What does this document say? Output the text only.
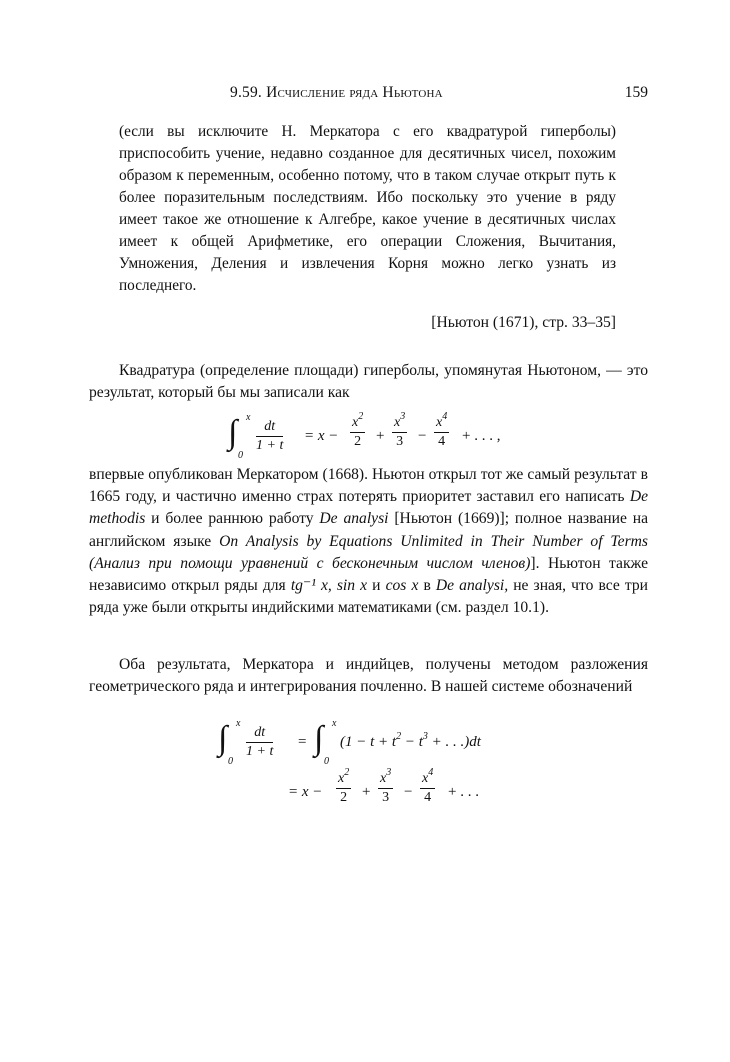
9.59. Исчисление ряда Ньютона	159
(если вы исключите Н. Меркатора с его квадратурой гиперболы) приспособить учение, недавно созданное для десятичных чисел, похожим образом к переменным, особенно потому, что в таком случае открыт путь к более поразительным последствиям. Ибо поскольку это учение в ряду имеет такое же отношение к Алгебре, какое учение в десятичных числах имеет к общей Арифметике, его операции Сложения, Вычитания, Умножения, Деления и извлечения Корня можно легко узнать из последнего.
[Ньютон (1671), стр. 33–35]
Квадратура (определение площади) гиперболы, упомянутая Ньютоном, — это результат, который бы мы записали как
∫ x
0
$\frac{dt}{1 + t} = x - \frac{x^2}{2} + \frac{x^3}{3} - \frac{x^4}{4}$ + . . . ,
впервые опубликован Меркатором (1668). Ньютон открыл тот же самый результат в 1665 году, и частично именно страх потерять приоритет заставил его написать De methodis и более раннюю работу De analysi [Ньютон (1669)]; полное название на английском языке On Analysis by Equations Unlimited in Their Number of Terms (Анализ при помощи уравнений с бесконечным числом членов)]. Ньютон также независимо открыл ряды для tg⁻¹ x, sin x и cos x в De analysi, не зная, что все три ряда уже были открыты индийскими математиками (см. раздел 10.1).
Оба результата, Меркатора и индийцев, получены методом разложения геометрического ряда и интегрирования почленно. В нашей системе обозначений
∫ x
0
$\frac{dt}{1 + t}$ = ∫ x
0
($1 - t + t^2 - t^3$ + . . .)dt
= $x - \frac{x^2}{2} + \frac{x^3}{3} - \frac{x^4}{4}$ + . . .
